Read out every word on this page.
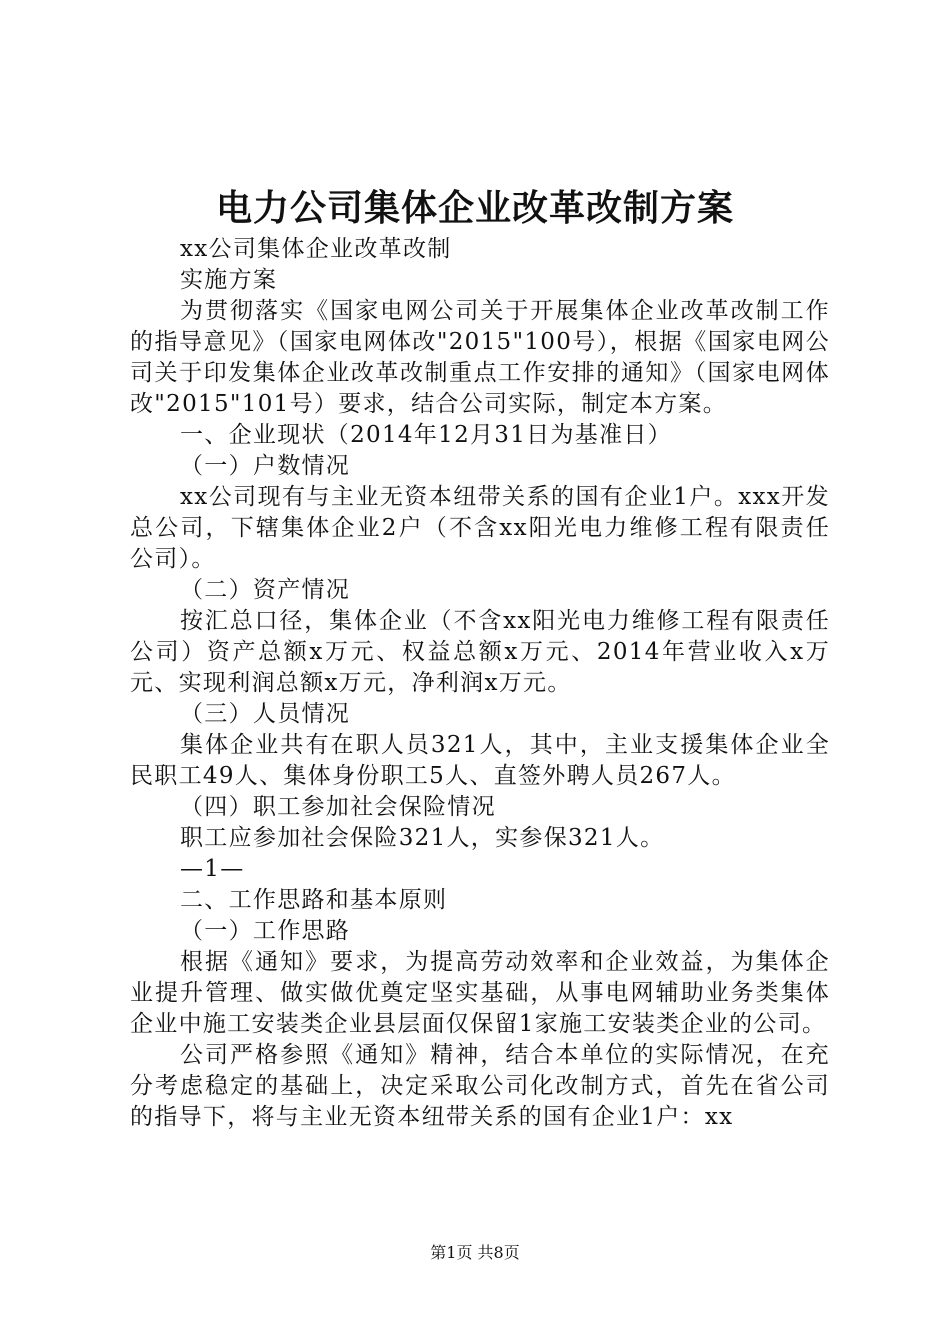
电力公司集体企业改革改制方案

xx公司集体企业改革改制

实施方案

为贯彻落实《国家电网公司关于开展集体企业改革改制工作的指导意见》（国家电网体改"2015"100号），根据《国家电网公司关于印发集体企业改革改制重点工作安排的通知》（国家电网体改"2015"101号）要求，结合公司实际，制定本方案。

一、企业现状（2014年12月31日为基准日）

（一）户数情况

xx公司现有与主业无资本纽带关系的国有企业1户。xxx开发总公司，下辖集体企业2户（不含xx阳光电力维修工程有限责任公司）。

（二）资产情况

按汇总口径，集体企业（不含xx阳光电力维修工程有限责任公司）资产总额x万元、权益总额x万元、2014年营业收入x万元、实现利润总额x万元，净利润x万元。

（三）人员情况

集体企业共有在职人员321人，其中，主业支援集体企业全民职工49人、集体身份职工5人、直签外聘人员267人。

（四）职工参加社会保险情况

职工应参加社会保险321人，实参保321人。

—1—

二、工作思路和基本原则

（一）工作思路

根据《通知》要求，为提高劳动效率和企业效益，为集体企业提升管理、做实做优奠定坚实基础，从事电网辅助业务类集体企业中施工安装类企业县层面仅保留1家施工安装类企业的公司。

公司严格参照《通知》精神，结合本单位的实际情况，在充分考虑稳定的基础上，决定采取公司化改制方式，首先在省公司的指导下，将与主业无资本纽带关系的国有企业1户：xx

第1页 共8页
